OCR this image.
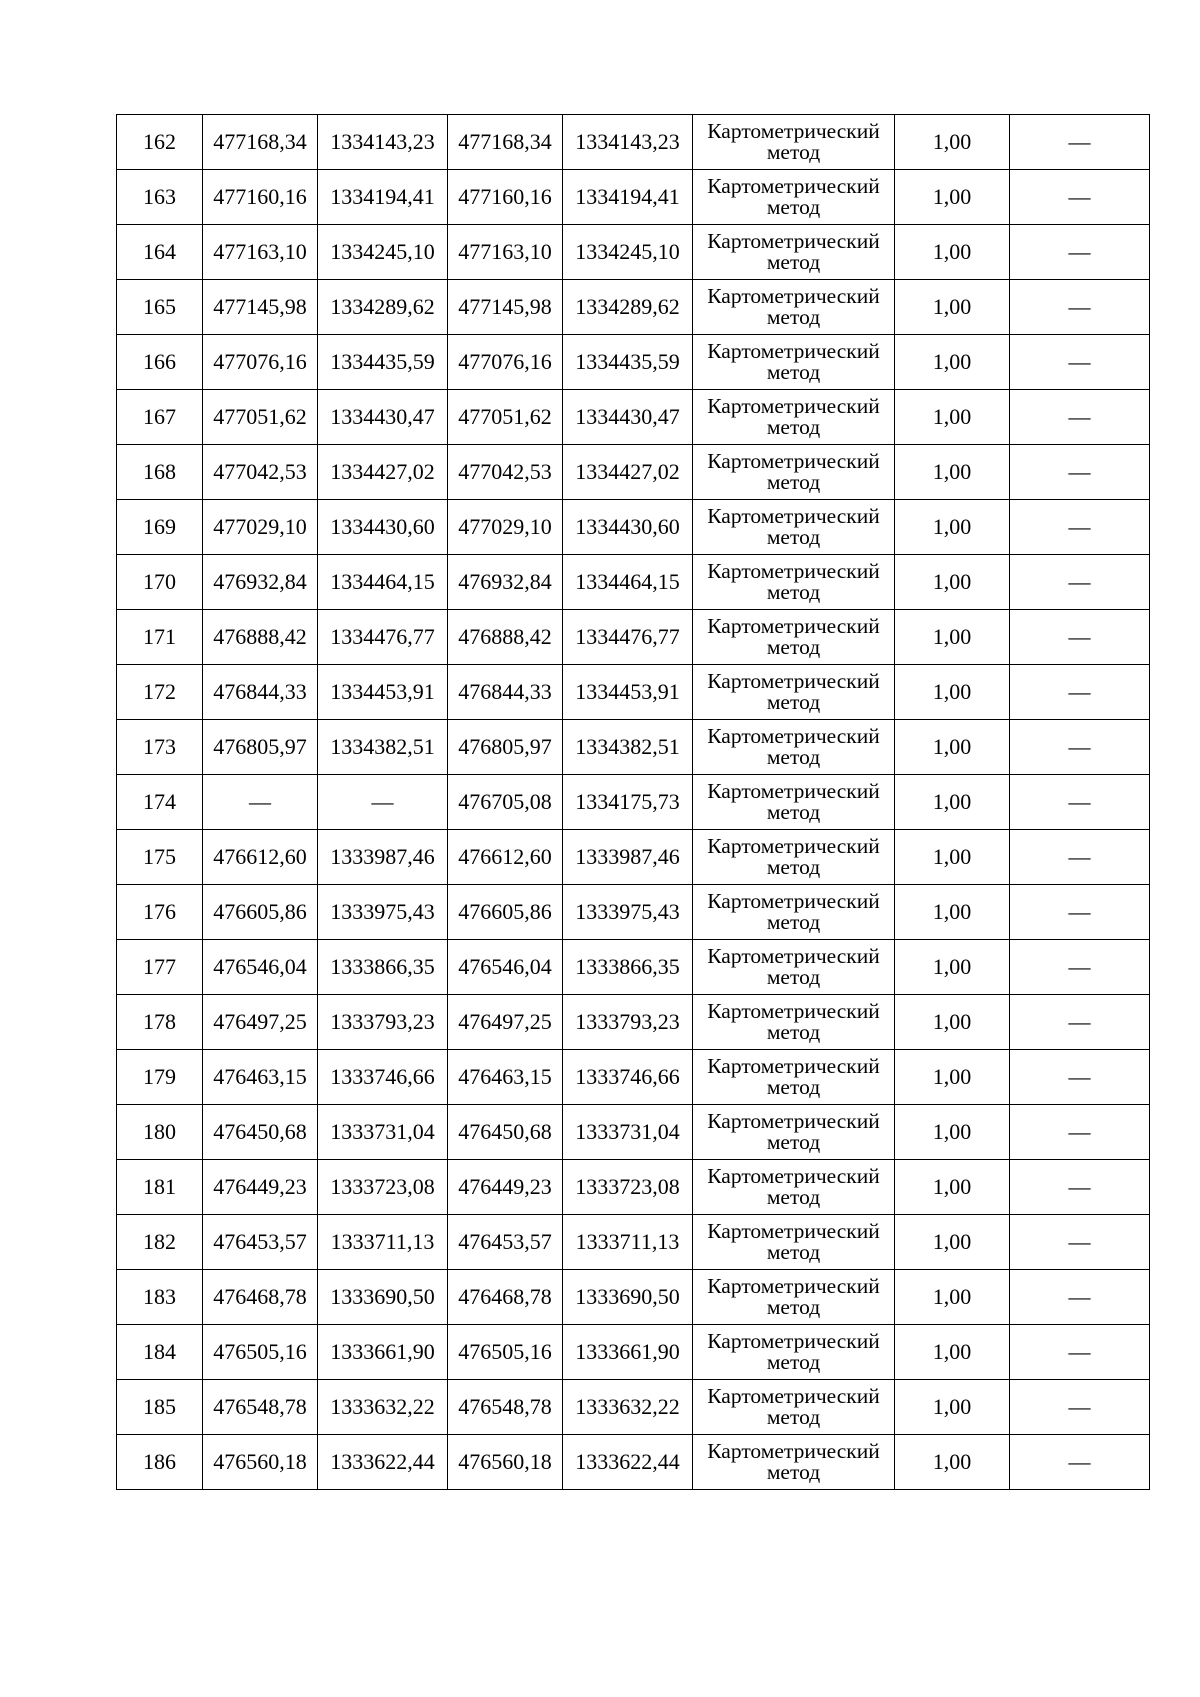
162	477168,34	1334143,23	477168,34	1334143,23	Картометрический
метод	1,00	—
163	477160,16	1334194,41	477160,16	1334194,41	Картометрический
метод	1,00	—
164	477163,10	1334245,10	477163,10	1334245,10	Картометрический
метод	1,00	—
165	477145,98	1334289,62	477145,98	1334289,62	Картометрический
метод	1,00	—
166	477076,16	1334435,59	477076,16	1334435,59	Картометрический
метод	1,00	—
167	477051,62	1334430,47	477051,62	1334430,47	Картометрический
метод	1,00	—
168	477042,53	1334427,02	477042,53	1334427,02	Картометрический
метод	1,00	—
169	477029,10	1334430,60	477029,10	1334430,60	Картометрический
метод	1,00	—
170	476932,84	1334464,15	476932,84	1334464,15	Картометрический
метод	1,00	—
171	476888,42	1334476,77	476888,42	1334476,77	Картометрический
метод	1,00	—
172	476844,33	1334453,91	476844,33	1334453,91	Картометрический
метод	1,00	—
173	476805,97	1334382,51	476805,97	1334382,51	Картометрический
метод	1,00	—
174	—	—	476705,08	1334175,73	Картометрический
метод	1,00	—
175	476612,60	1333987,46	476612,60	1333987,46	Картометрический
метод	1,00	—
176	476605,86	1333975,43	476605,86	1333975,43	Картометрический
метод	1,00	—
177	476546,04	1333866,35	476546,04	1333866,35	Картометрический
метод	1,00	—
178	476497,25	1333793,23	476497,25	1333793,23	Картометрический
метод	1,00	—
179	476463,15	1333746,66	476463,15	1333746,66	Картометрический
метод	1,00	—
180	476450,68	1333731,04	476450,68	1333731,04	Картометрический
метод	1,00	—
181	476449,23	1333723,08	476449,23	1333723,08	Картометрический
метод	1,00	—
182	476453,57	1333711,13	476453,57	1333711,13	Картометрический
метод	1,00	—
183	476468,78	1333690,50	476468,78	1333690,50	Картометрический
метод	1,00	—
184	476505,16	1333661,90	476505,16	1333661,90	Картометрический
метод	1,00	—
185	476548,78	1333632,22	476548,78	1333632,22	Картометрический
метод	1,00	—
186	476560,18	1333622,44	476560,18	1333622,44	Картометрический
метод	1,00	—
